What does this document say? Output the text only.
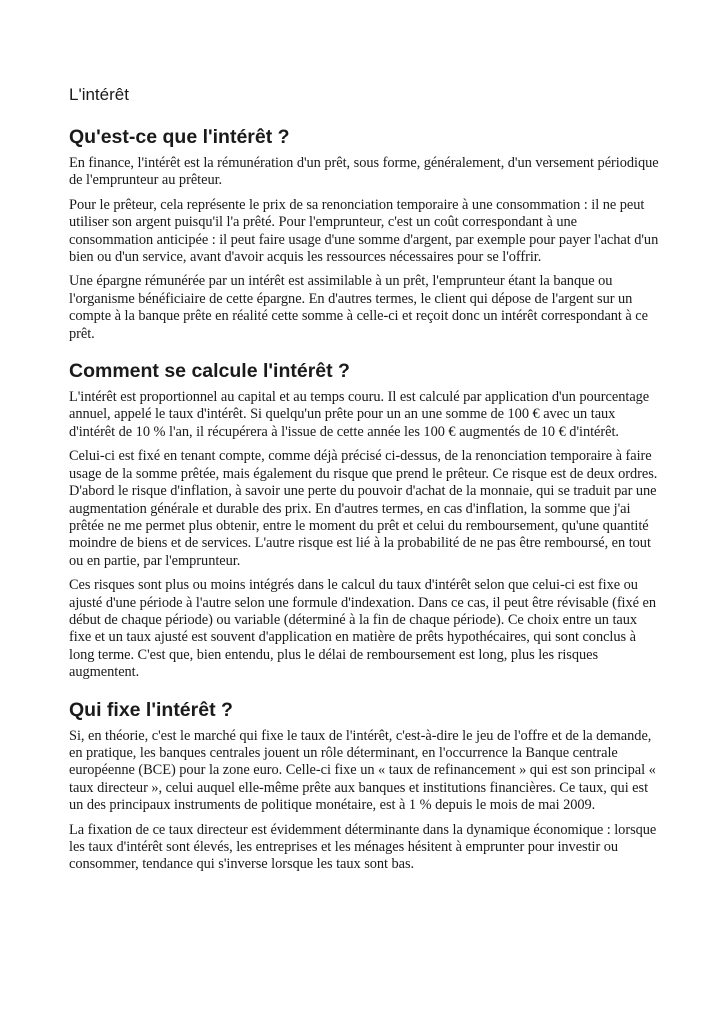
L'intérêt
Qu'est-ce que l'intérêt ?

En finance, l'intérêt est la rémunération d'un prêt, sous forme, généralement, d'un versement périodique de l'emprunteur au prêteur.

Pour le prêteur, cela représente le prix de sa renonciation temporaire à une consommation : il ne peut utiliser son argent puisqu'il l'a prêté. Pour l'emprunteur, c'est un coût correspondant à une consommation anticipée : il peut faire usage d'une somme d'argent, par exemple pour payer l'achat d'un bien ou d'un service, avant d'avoir acquis les ressources nécessaires pour se l'offrir.

Une épargne rémunérée par un intérêt est assimilable à un prêt, l'emprunteur étant la banque ou l'organisme bénéficiaire de cette épargne. En d'autres termes, le client qui dépose de l'argent sur un compte à la banque prête en réalité cette somme à celle-ci et reçoit donc un intérêt correspondant à ce prêt.

Comment se calcule l'intérêt ?

L'intérêt est proportionnel au capital et au temps couru. Il est calculé par application d'un pourcentage annuel, appelé le taux d'intérêt. Si quelqu'un prête pour un an une somme de 100 € avec un taux d'intérêt de 10 % l'an, il récupérera à l'issue de cette année les 100 € augmentés de 10 € d'intérêt.

Celui-ci est fixé en tenant compte, comme déjà précisé ci-dessus, de la renonciation temporaire à faire usage de la somme prêtée, mais également du risque que prend le prêteur. Ce risque est de deux ordres. D'abord le risque d'inflation, à savoir une perte du pouvoir d'achat de la monnaie, qui se traduit par une augmentation générale et durable des prix. En d'autres termes, en cas d'inflation, la somme que j'ai prêtée ne me permet plus obtenir, entre le moment du prêt et celui du remboursement, qu'une quantité moindre de biens et de services. L'autre risque est lié à la probabilité de ne pas être remboursé, en tout ou en partie, par l'emprunteur.

Ces risques sont plus ou moins intégrés dans le calcul du taux d'intérêt selon que celui-ci est fixe ou ajusté d'une période à l'autre selon une formule d'indexation. Dans ce cas, il peut être révisable (fixé en début de chaque période) ou variable (déterminé à la fin de chaque période). Ce choix entre un taux fixe et un taux ajusté est souvent d'application en matière de prêts hypothécaires, qui sont conclus à long terme. C'est que, bien entendu, plus le délai de remboursement est long, plus les risques augmentent.

Qui fixe l'intérêt ?

Si, en théorie, c'est le marché qui fixe le taux de l'intérêt, c'est-à-dire le jeu de l'offre et de la demande, en pratique, les banques centrales jouent un rôle déterminant, en l'occurrence la Banque centrale européenne (BCE) pour la zone euro. Celle-ci fixe un « taux de refinancement » qui est son principal « taux directeur », celui auquel elle-même prête aux banques et institutions financières. Ce taux, qui est un des principaux instruments de politique monétaire, est à 1 % depuis le mois de mai 2009.

La fixation de ce taux directeur est évidemment déterminante dans la dynamique économique : lorsque les taux d'intérêt sont élevés, les entreprises et les ménages hésitent à emprunter pour investir ou consommer, tendance qui s'inverse lorsque les taux sont bas.
